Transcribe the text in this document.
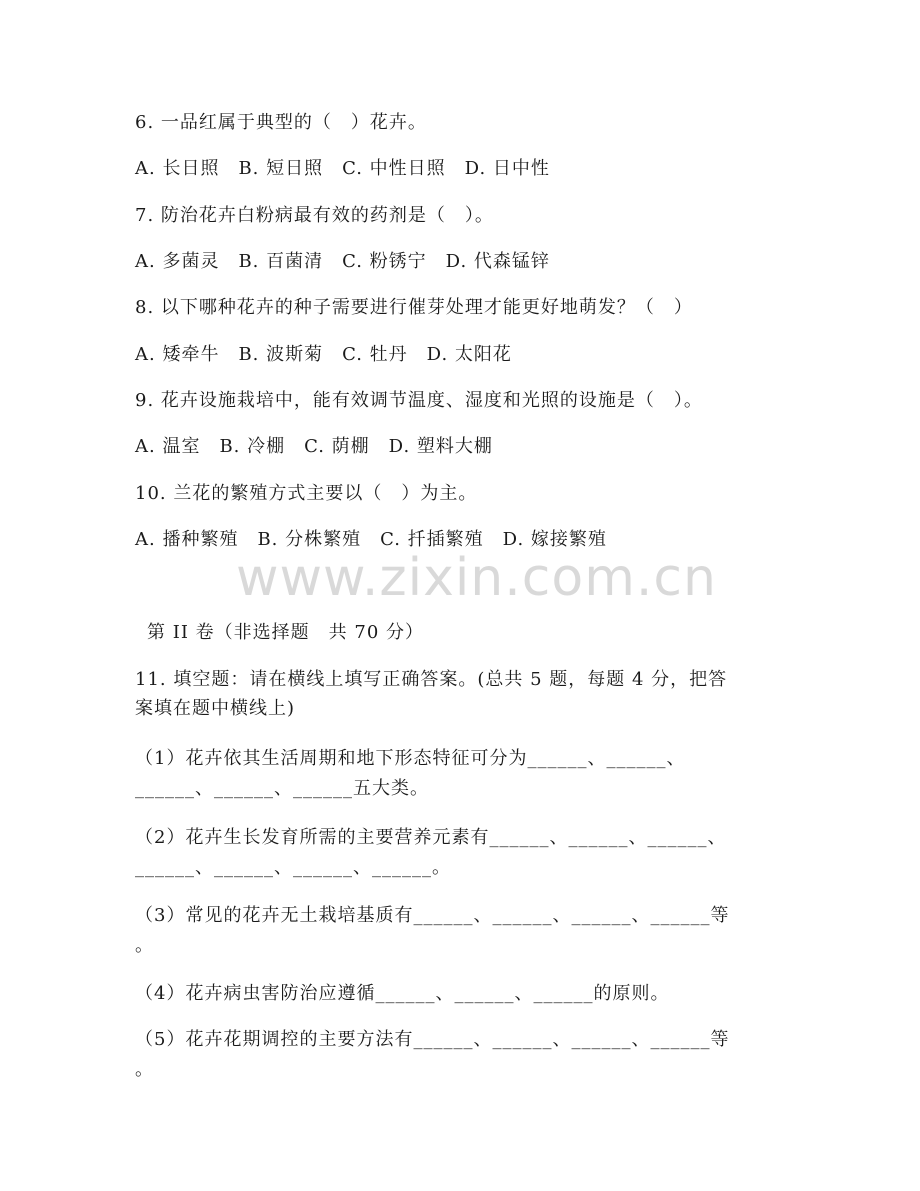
6. 一品红属于典型的（　）花卉。
A. 长日照　B. 短日照　C. 中性日照　D. 日中性
7. 防治花卉白粉病最有效的药剂是（　）。
A. 多菌灵　B. 百菌清　C. 粉锈宁　D. 代森锰锌
8. 以下哪种花卉的种子需要进行催芽处理才能更好地萌发？（　）
A. 矮牵牛　B. 波斯菊　C. 牡丹　D. 太阳花
9. 花卉设施栽培中，能有效调节温度、湿度和光照的设施是（　）。
A. 温室　B. 冷棚　C. 荫棚　D. 塑料大棚
10. 兰花的繁殖方式主要以（　）为主。
A. 播种繁殖　B. 分株繁殖　C. 扦插繁殖　D. 嫁接繁殖
www.zixin.com.cn
第 II 卷（非选择题　共 70 分）
11. 填空题：请在横线上填写正确答案。(总共 5 题，每题 4 分，把答
案填在题中横线上)
（1）花卉依其生活周期和地下形态特征可分为______、______、
______、______、______五大类。
（2）花卉生长发育所需的主要营养元素有______、______、______、
______、______、______、______。
（3）常见的花卉无土栽培基质有______、______、______、______等
。
（4）花卉病虫害防治应遵循______、______、______的原则。
（5）花卉花期调控的主要方法有______、______、______、______等
。
